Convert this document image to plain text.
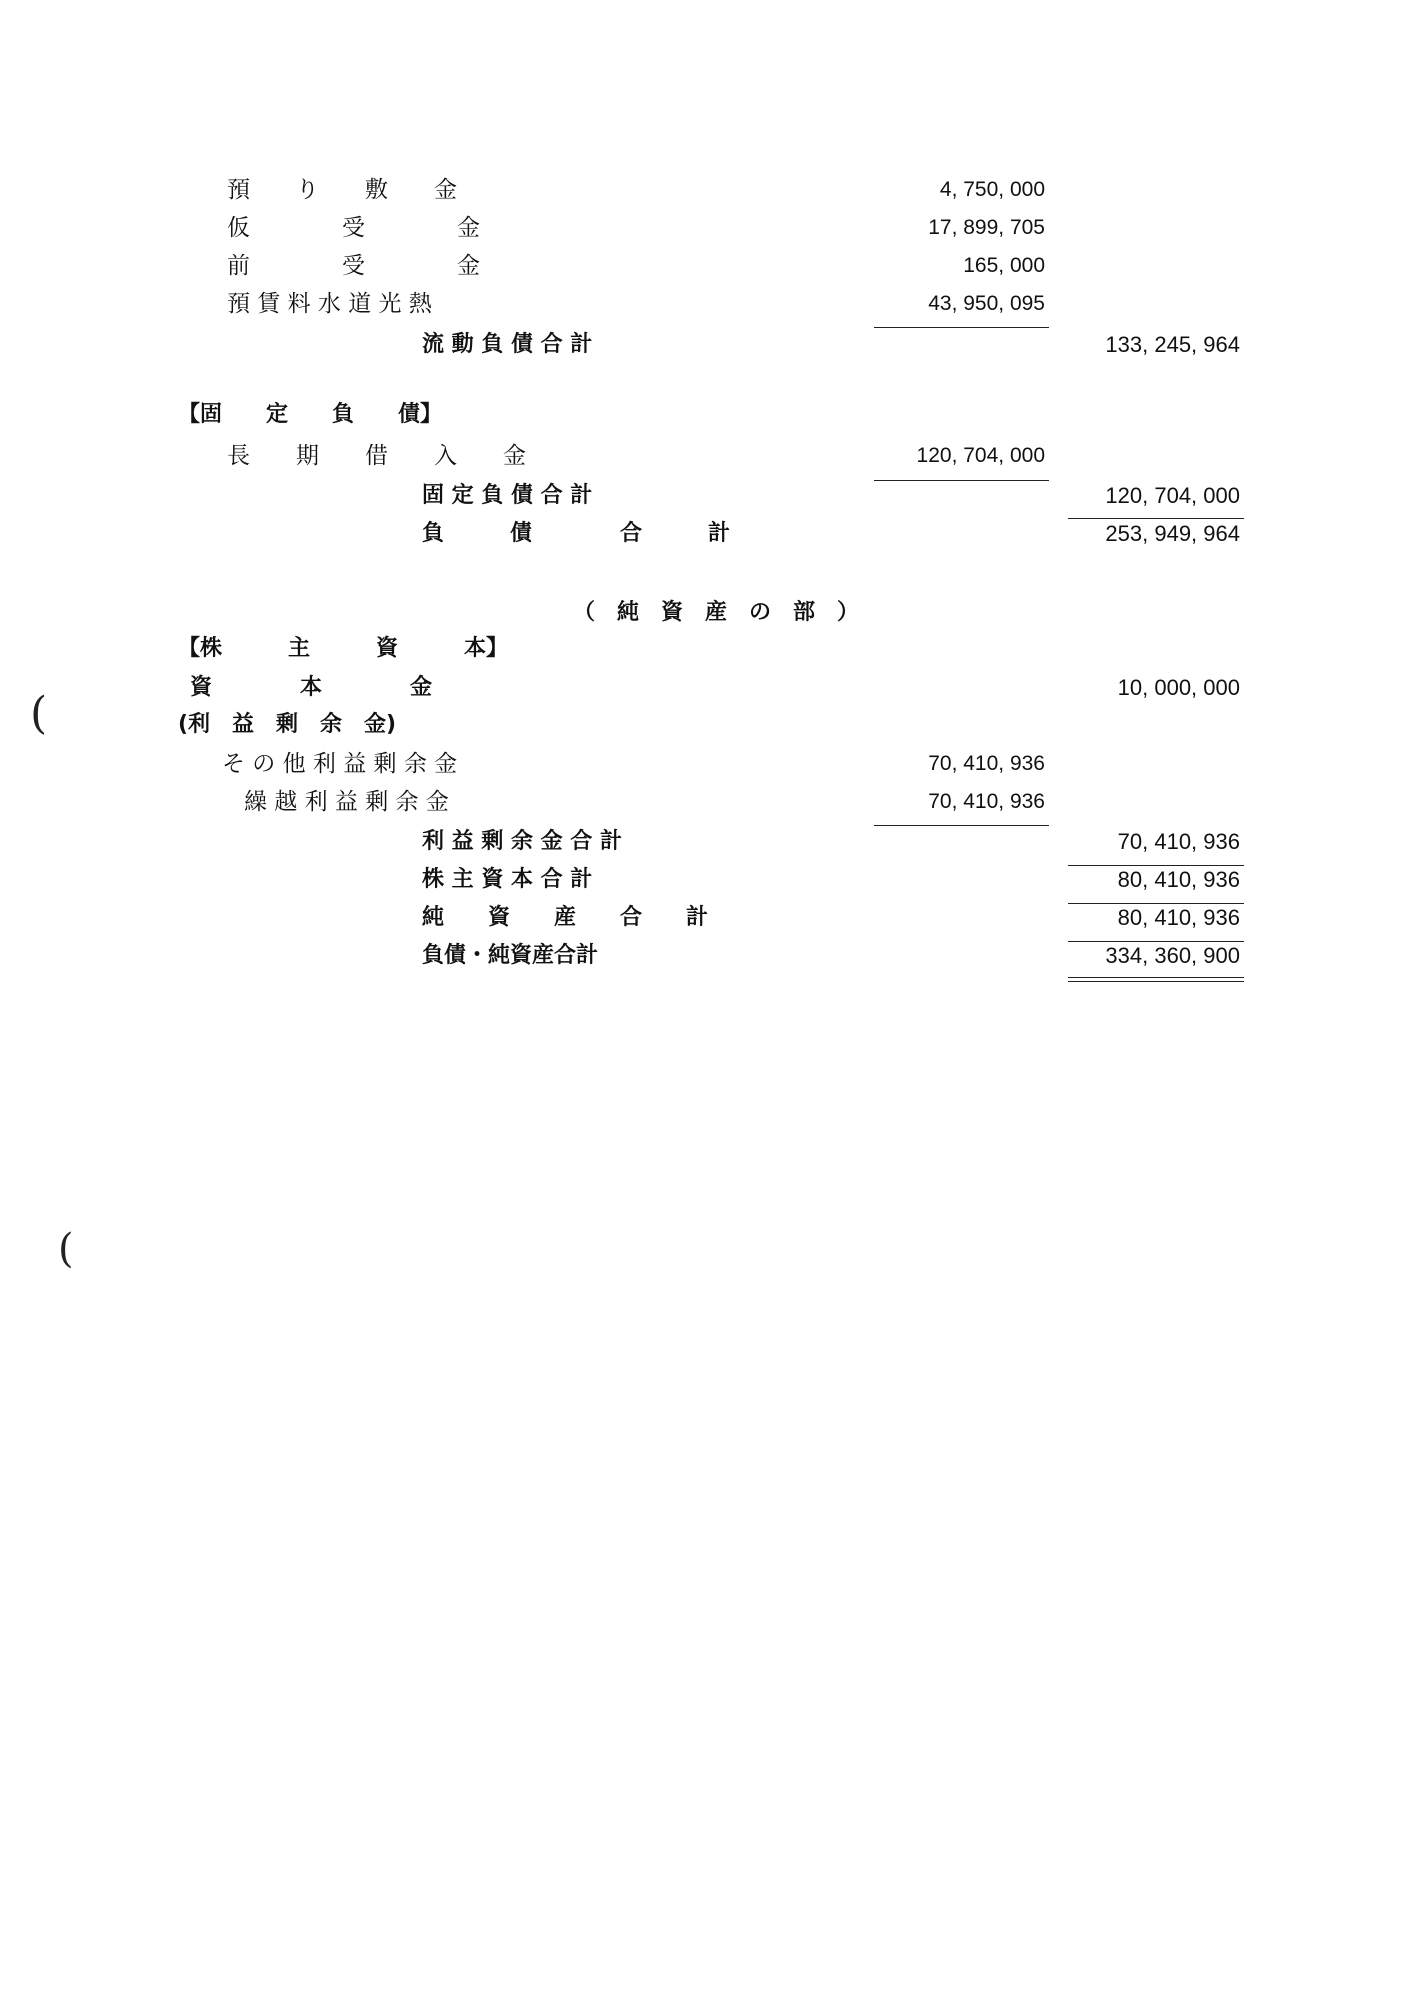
預　　り　　敷　　金	4, 750, 000
仮　　　　受　　　　金	17, 899, 705
前　　　　受　　　　金	165, 000
預 賃 料 水 道 光 熱	43, 950, 095
流 動 負 債 合 計	133, 245, 964
【固　　定　　負　　債】
長　　期　　借　　入　　金	120, 704, 000
固 定 負 債 合 計	120, 704, 000
負　　　債　　　　合　　　計	253, 949, 964
（　純　資　産　の　部　）
【株　　　主　　　資　　　本】
資　　　　本　　　　金	10, 000, 000
(利　益　剰　余　金)
そ の 他 利 益 剰 余 金	70, 410, 936
繰 越 利 益 剰 余 金	70, 410, 936
利 益 剰 余 金 合 計	70, 410, 936
株 主 資 本 合 計	80, 410, 936
純　　資　　産　　合　　計	80, 410, 936
負債・純資産合計	334, 360, 900
(
(
